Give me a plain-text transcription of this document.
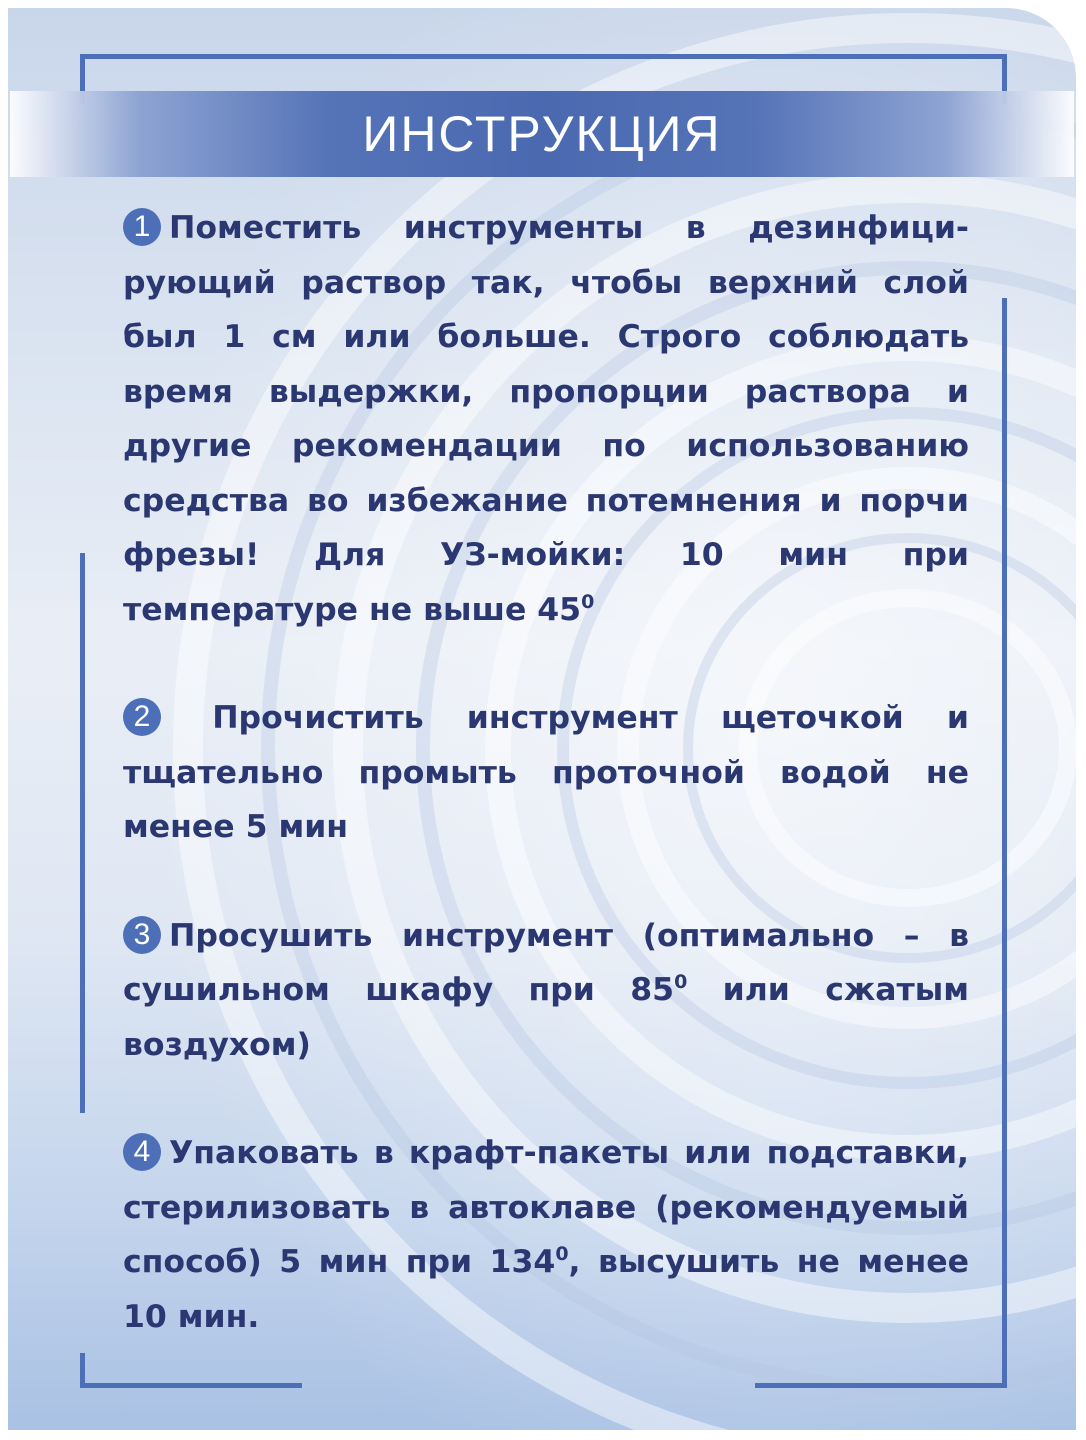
ИНСТРУКЦИЯ

1 Поместить инструменты в дезинфицирующий раствор так, чтобы верхний слой был 1 см или больше. Строго соблюдать время выдержки, пропорции раствора и другие рекомендации по использованию средства во избежание потемнения и порчи фрезы! Для УЗ-мойки: 10 мин при температуре не выше $45^0$

2 Прочистить инструмент щеточкой и тщательно промыть проточной водой не менее 5 мин

3 Просушить инструмент (оптимально – в сушильном шкафу при $85^0$ или сжатым воздухом)

4 Упаковать в крафт-пакеты или подставки, стерилизовать в автоклаве (рекомендуемый способ) 5 мин при $134^0$, высушить не менее 10 мин.
